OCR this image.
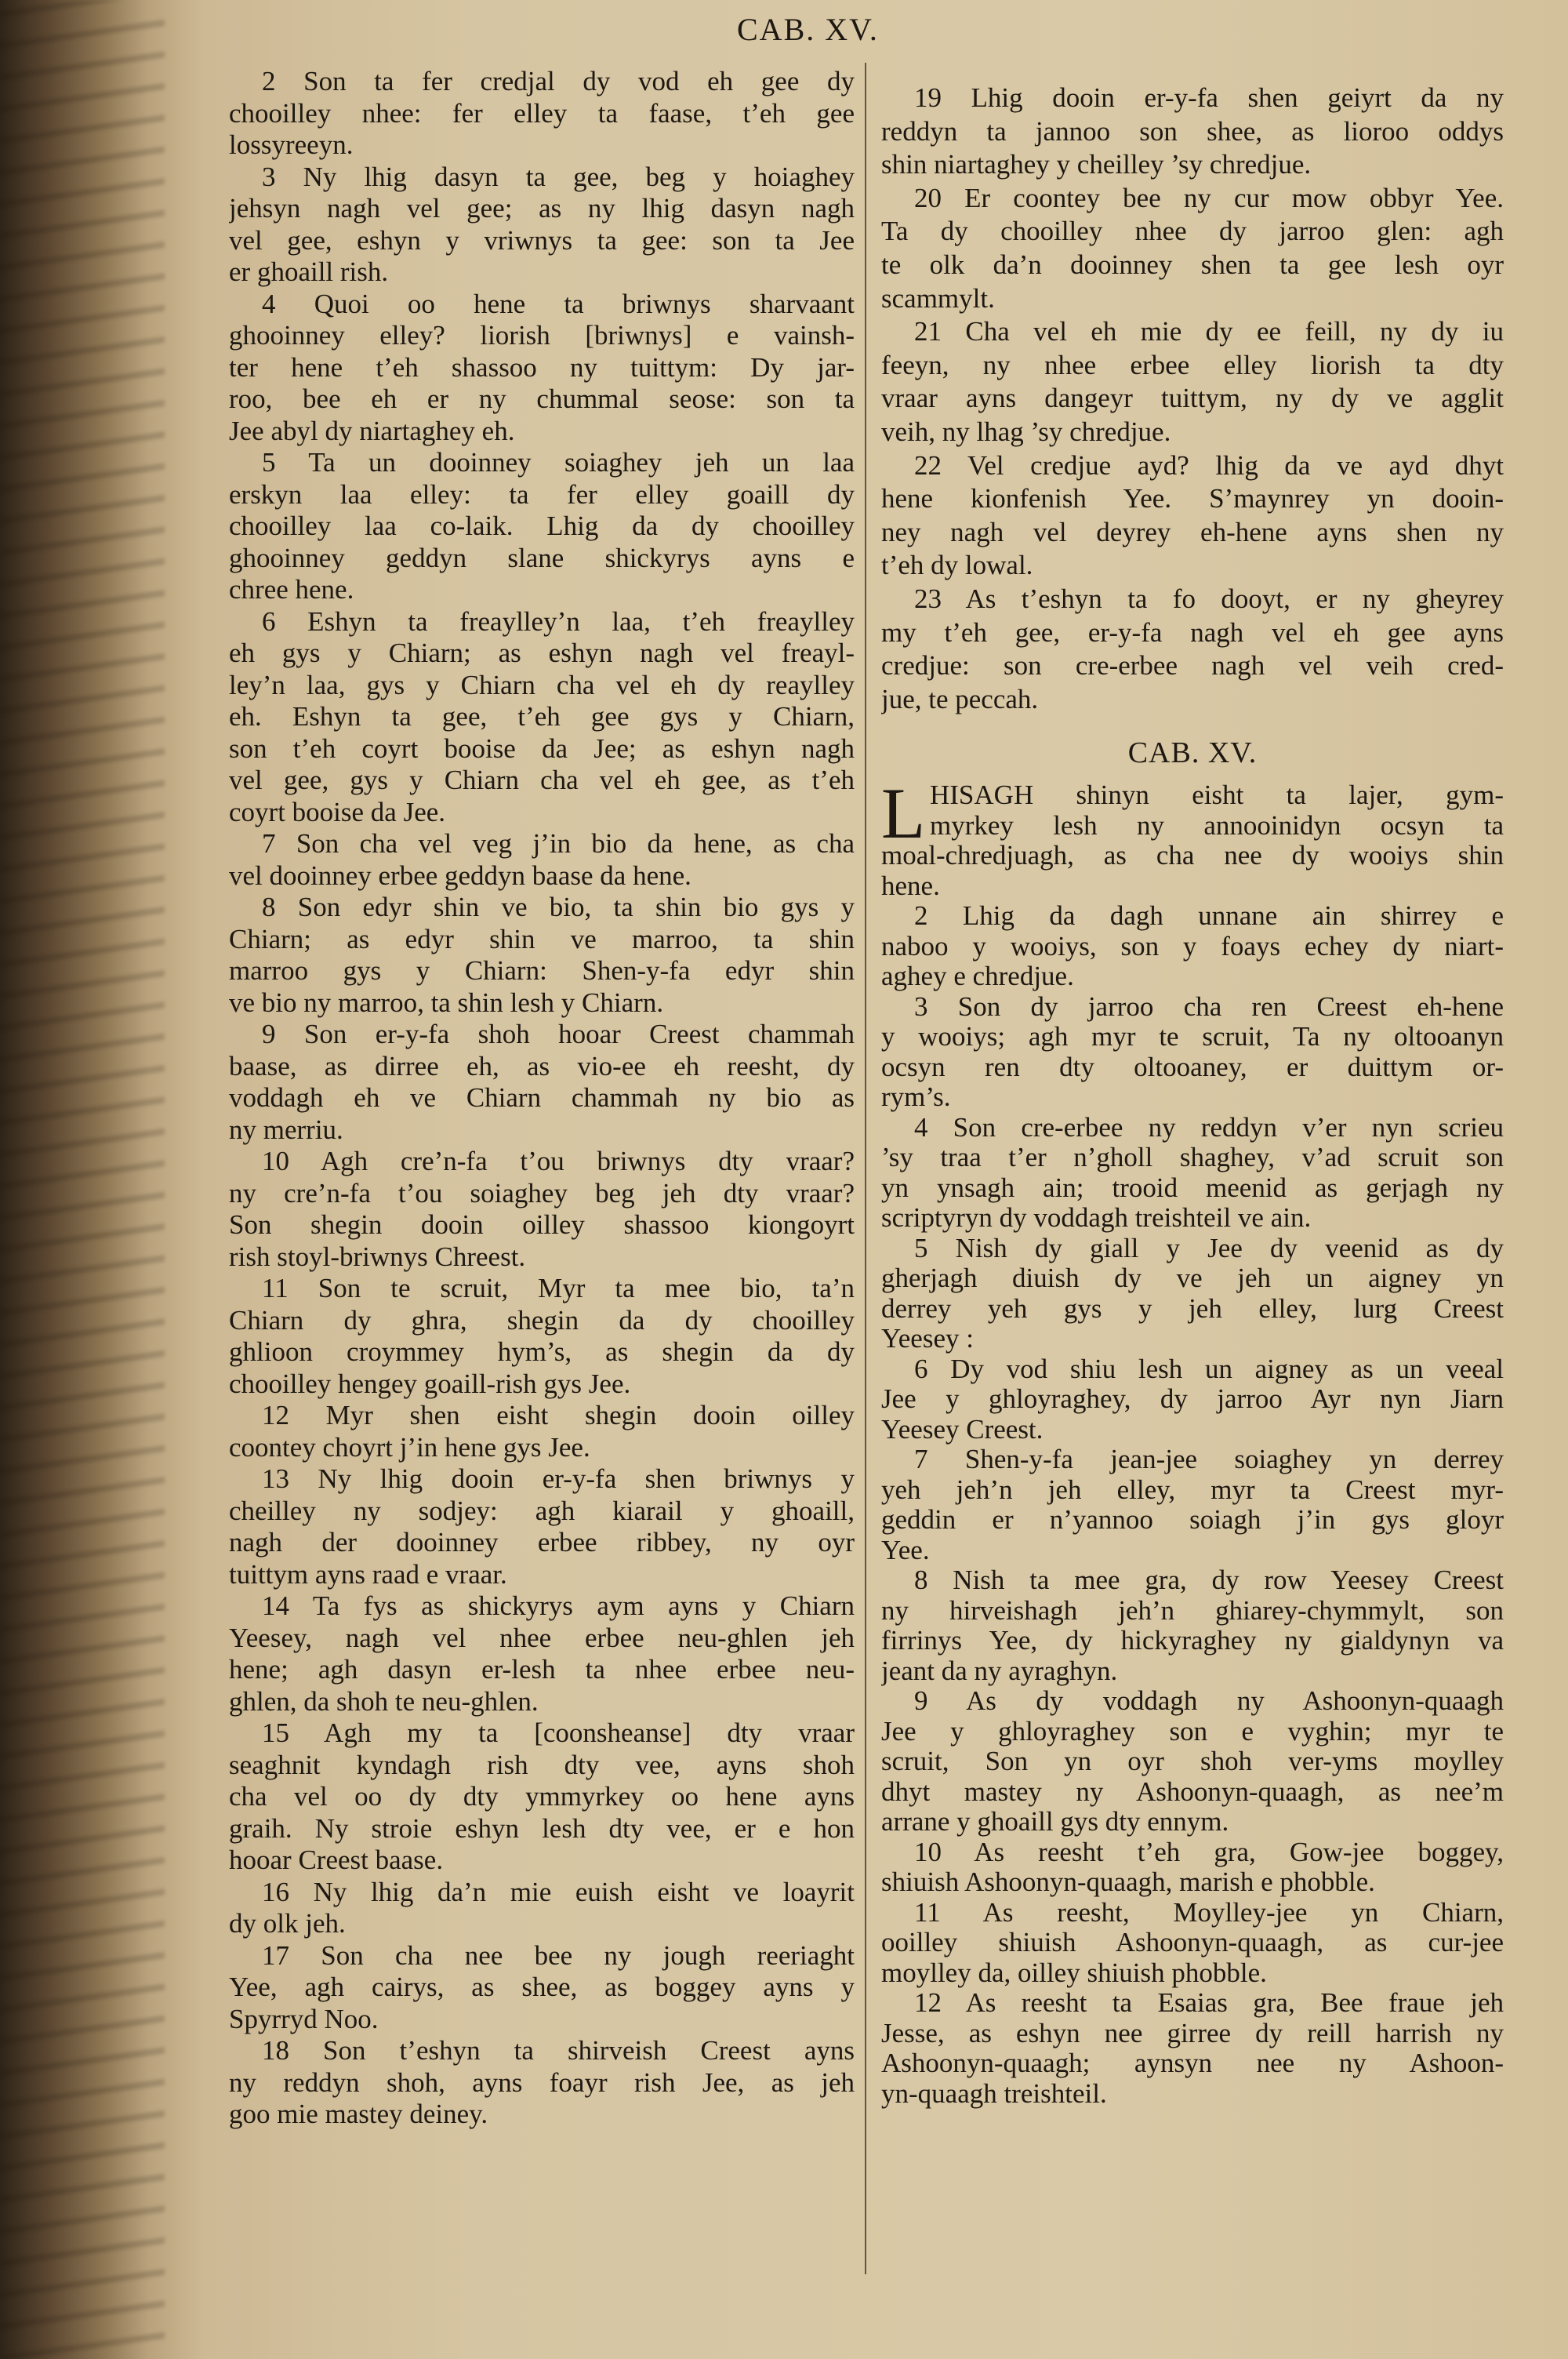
CAB. XV.
2 Son ta fer credjal dy vod eh gee dy
chooilley nhee: fer elley ta faase, t’eh gee
lossyreeyn.
3 Ny lhig dasyn ta gee, beg y hoiaghey
jehsyn nagh vel gee; as ny lhig dasyn nagh
vel gee, eshyn y vriwnys ta gee: son ta Jee
er ghoaill rish.
4 Quoi oo hene ta briwnys sharvaant
ghooinney elley? liorish [briwnys] e vainsh-
ter hene t’eh shassoo ny tuittym: Dy jar-
roo, bee eh er ny chummal seose: son ta
Jee abyl dy niartaghey eh.
5 Ta un dooinney soiaghey jeh un laa
erskyn laa elley: ta fer elley goaill dy
chooilley laa co-laik. Lhig da dy chooilley
ghooinney geddyn slane shickyrys ayns e
chree hene.
6 Eshyn ta freaylley’n laa, t’eh freaylley
eh gys y Chiarn; as eshyn nagh vel freayl-
ley’n laa, gys y Chiarn cha vel eh dy reaylley
eh. Eshyn ta gee, t’eh gee gys y Chiarn,
son t’eh coyrt booise da Jee; as eshyn nagh
vel gee, gys y Chiarn cha vel eh gee, as t’eh
coyrt booise da Jee.
7 Son cha vel veg j’in bio da hene, as cha
vel dooinney erbee geddyn baase da hene.
8 Son edyr shin ve bio, ta shin bio gys y
Chiarn; as edyr shin ve marroo, ta shin
marroo gys y Chiarn: Shen-y-fa edyr shin
ve bio ny marroo, ta shin lesh y Chiarn.
9 Son er-y-fa shoh hooar Creest chammah
baase, as dirree eh, as vio-ee eh reesht, dy
voddagh eh ve Chiarn chammah ny bio as
ny merriu.
10 Agh cre’n-fa t’ou briwnys dty vraar?
ny cre’n-fa t’ou soiaghey beg jeh dty vraar?
Son shegin dooin oilley shassoo kiongoyrt
rish stoyl-briwnys Chreest.
11 Son te scruit, Myr ta mee bio, ta’n
Chiarn dy ghra, shegin da dy chooilley
ghlioon croymmey hym’s, as shegin da dy
chooilley hengey goaill-rish gys Jee.
12 Myr shen eisht shegin dooin oilley
coontey choyrt j’in hene gys Jee.
13 Ny lhig dooin er-y-fa shen briwnys y
cheilley ny sodjey: agh kiarail y ghoaill,
nagh der dooinney erbee ribbey, ny oyr
tuittym ayns raad e vraar.
14 Ta fys as shickyrys aym ayns y Chiarn
Yeesey, nagh vel nhee erbee neu-ghlen jeh
hene; agh dasyn er-lesh ta nhee erbee neu-
ghlen, da shoh te neu-ghlen.
15 Agh my ta [coonsheanse] dty vraar
seaghnit kyndagh rish dty vee, ayns shoh
cha vel oo dy dty ymmyrkey oo hene ayns
graih. Ny stroie eshyn lesh dty vee, er e hon
hooar Creest baase.
16 Ny lhig da’n mie euish eisht ve loayrit
dy olk jeh.
17 Son cha nee bee ny jough reeriaght
Yee, agh cairys, as shee, as boggey ayns y
Spyrryd Noo.
18 Son t’eshyn ta shirveish Creest ayns
ny reddyn shoh, ayns foayr rish Jee, as jeh
goo mie mastey deiney.
19 Lhig dooin er-y-fa shen geiyrt da ny
reddyn ta jannoo son shee, as lioroo oddys
shin niartaghey y cheilley ’sy chredjue.
20 Er coontey bee ny cur mow obbyr Yee.
Ta dy chooilley nhee dy jarroo glen: agh
te olk da’n dooinney shen ta gee lesh oyr
scammylt.
21 Cha vel eh mie dy ee feill, ny dy iu
feeyn, ny nhee erbee elley liorish ta dty
vraar ayns dangeyr tuittym, ny dy ve agglit
veih, ny lhag ’sy chredjue.
22 Vel credjue ayd? lhig da ve ayd dhyt
hene kionfenish Yee. S’maynrey yn dooin-
ney nagh vel deyrey eh-hene ayns shen ny
t’eh dy lowal.
23 As t’eshyn ta fo dooyt, er ny gheyrey
my t’eh gee, er-y-fa nagh vel eh gee ayns
credjue: son cre-erbee nagh vel veih cred-
jue, te peccah.
CAB. XV.
L HISAGH shinyn eisht ta lajer, gym-
myrkey lesh ny annooinidyn ocsyn ta
moal-chredjuagh, as cha nee dy wooiys shin
hene.
2 Lhig da dagh unnane ain shirrey e
naboo y wooiys, son y foays echey dy niart-
aghey e chredjue.
3 Son dy jarroo cha ren Creest eh-hene
y wooiys; agh myr te scruit, Ta ny oltooanyn
ocsyn ren dty oltooaney, er duittym or-
rym’s.
4 Son cre-erbee ny reddyn v’er nyn scrieu
’sy traa t’er n’gholl shaghey, v’ad scruit son
yn ynsagh ain; trooid meenid as gerjagh ny
scriptyryn dy voddagh treishteil ve ain.
5 Nish dy giall y Jee dy veenid as dy
gherjagh diuish dy ve jeh un aigney yn
derrey yeh gys y jeh elley, lurg Creest
Yeesey :
6 Dy vod shiu lesh un aigney as un veeal
Jee y ghloyraghey, dy jarroo Ayr nyn Jiarn
Yeesey Creest.
7 Shen-y-fa jean-jee soiaghey yn derrey
yeh jeh’n jeh elley, myr ta Creest myr-
geddin er n’yannoo soiagh j’in gys gloyr
Yee.
8 Nish ta mee gra, dy row Yeesey Creest
ny hirveishagh jeh’n ghiarey-chymmylt, son
firrinys Yee, dy hickyraghey ny gialdynyn va
jeant da ny ayraghyn.
9 As dy voddagh ny Ashoonyn-quaagh
Jee y ghloyraghey son e vyghin; myr te
scruit, Son yn oyr shoh ver-yms moylley
dhyt mastey ny Ashoonyn-quaagh, as nee’m
arrane y ghoaill gys dty ennym.
10 As reesht t’eh gra, Gow-jee boggey,
shiuish Ashoonyn-quaagh, marish e phobble.
11 As reesht, Moylley-jee yn Chiarn,
ooilley shiuish Ashoonyn-quaagh, as cur-jee
moylley da, oilley shiuish phobble.
12 As reesht ta Esaias gra, Bee fraue jeh
Jesse, as eshyn nee girree dy reill harrish ny
Ashoonyn-quaagh; aynsyn nee ny Ashoon-
yn-quaagh treishteil.
